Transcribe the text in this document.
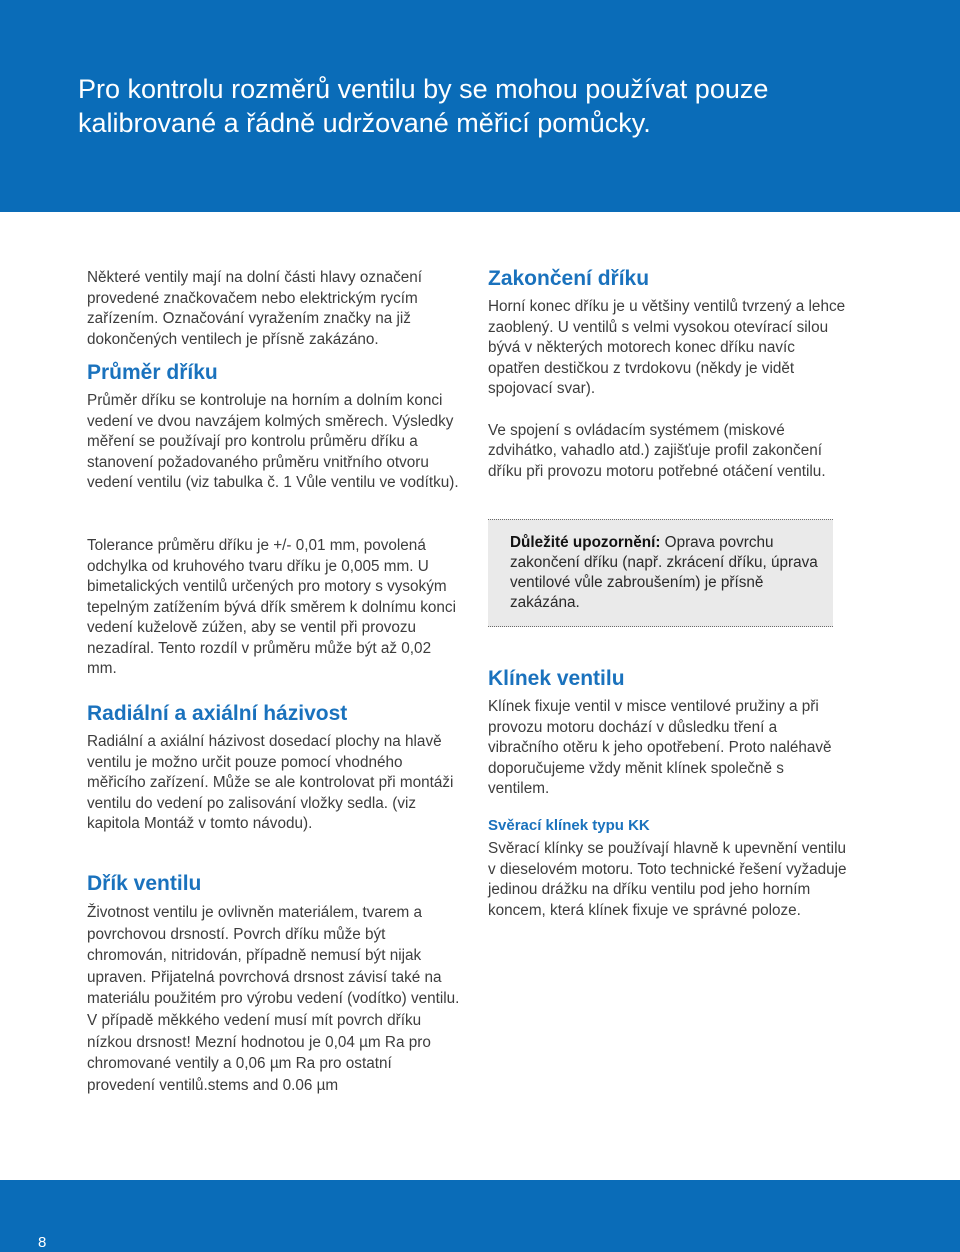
Pro kontrolu rozměrů ventilu by se mohou používat pouze kalibrované a řádně udržované měřicí pomůcky.

Některé ventily mají na dolní části hlavy označení provedené značkovačem nebo elektrickým rycím zařízením. Označování vyražením značky na již dokončených ventilech je přísně zakázáno.

Průměr dříku

Průměr dříku se kontroluje na horním a dolním konci vedení ve dvou navzájem kolmých směrech. Výsledky měření se používají pro kontrolu průměru dříku a stanovení požadovaného průměru vnitřního otvoru vedení ventilu (viz tabulka č. 1 Vůle ventilu ve vodítku).

Tolerance průměru dříku je +/- 0,01 mm, povolená odchylka od kruhového tvaru dříku je 0,005 mm. U bimetalických ventilů určených pro motory s vysokým tepelným zatížením bývá dřík směrem k dolnímu konci vedení kuželově zúžen, aby se ventil při provozu nezadíral. Tento rozdíl v průměru může být až 0,02 mm.

Radiální a axiální házivost

Radiální a axiální házivost dosedací plochy na hlavě ventilu je možno určit pouze pomocí vhodného měřicího zařízení. Může se ale kontrolovat při montáži ventilu do vedení po zalisování vložky sedla. (viz kapitola Montáž v tomto návodu).

Dřík ventilu

Životnost ventilu je ovlivněn materiálem, tvarem a povrchovou drsností. Povrch dříku může být chromován, nitridován, případně nemusí být nijak upraven. Přijatelná povrchová drsnost závisí také na materiálu použitém pro výrobu vedení (vodítko) ventilu. V případě měkkého vedení musí mít povrch dříku nízkou drsnost! Mezní hodnotou je 0,04 µm Ra pro chromované ventily a 0,06 µm Ra pro ostatní provedení ventilů.stems and 0.06 µm

Zakončení dříku

Horní konec dříku je u většiny ventilů tvrzený a lehce zaoblený. U ventilů s velmi vysokou otevírací silou bývá v některých motorech konec dříku navíc opatřen destičkou z tvrdokovu (někdy je vidět spojovací svar).

Ve spojení s ovládacím systémem (miskové zdvihátko, vahadlo atd.) zajišťuje profil zakončení dříku při provozu motoru potřebné otáčení ventilu.

Důležité upozornění: Oprava povrchu zakončení dříku (např. zkrácení dříku, úprava ventilové vůle zabroušením) je přísně zakázána.
Klínek ventilu

Klínek fixuje ventil v misce ventilové pružiny a při provozu motoru dochází v důsledku tření a vibračního otěru k jeho opotřebení. Proto naléhavě doporučujeme vždy měnit klínek společně s ventilem.

Svěrací klínek typu KK

Svěrací klínky se používají hlavně k upevnění ventilu v dieselovém motoru. Toto technické řešení vyžaduje jedinou drážku na dříku ventilu pod jeho horním koncem, která klínek fixuje ve správné poloze.

8
